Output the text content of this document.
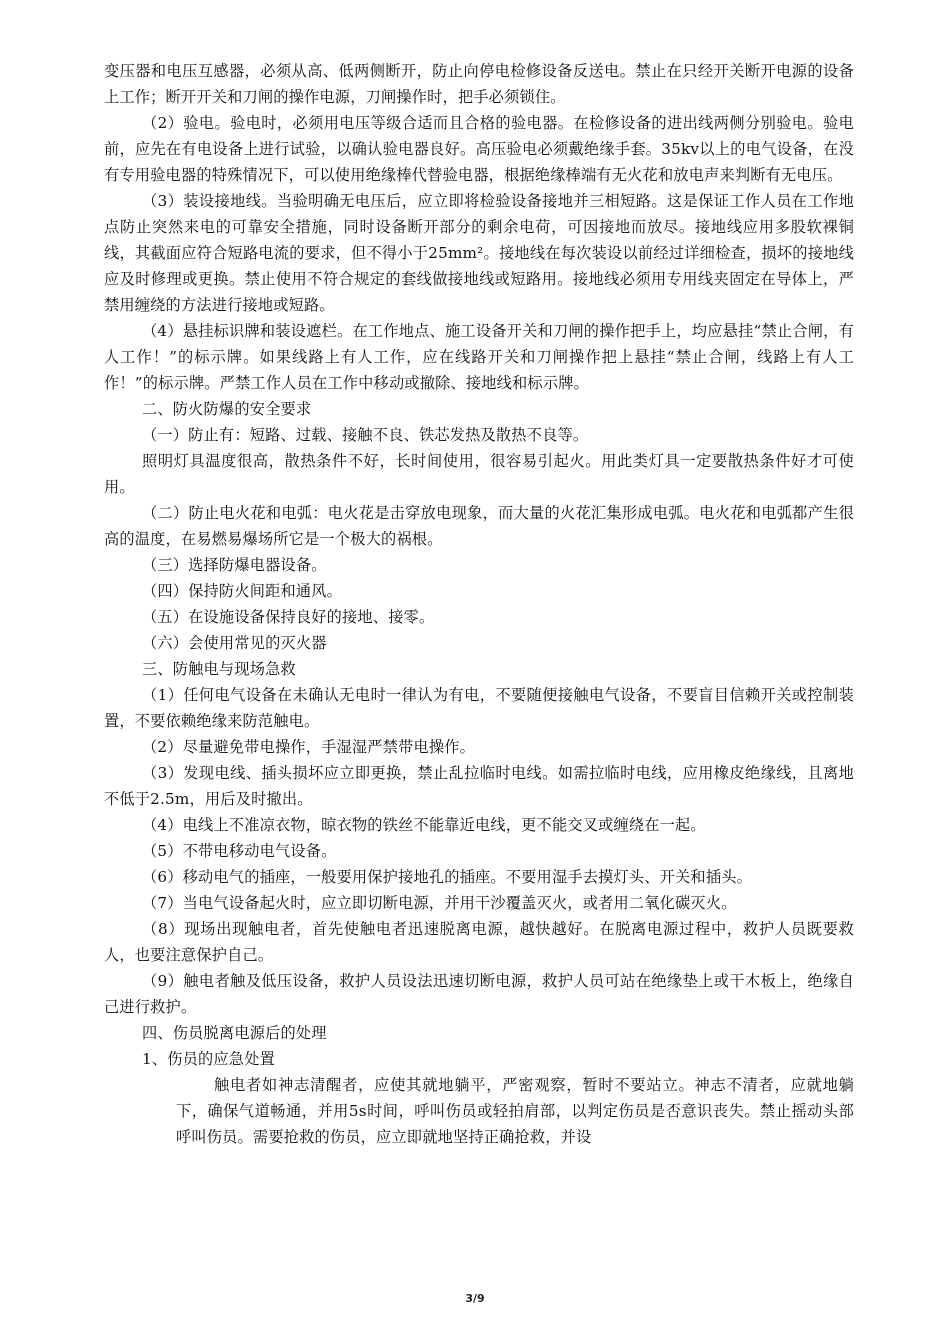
变压器和电压互感器，必须从高、低两侧断开，防止向停电检修设备反送电。禁止在只经开关断开电源的设备上工作；断开开关和刀闸的操作电源，刀闸操作时，把手必须锁住。

（2）验电。验电时，必须用电压等级合适而且合格的验电器。在检修设备的进出线两侧分别验电。验电前，应先在有电设备上进行试验，以确认验电器良好。高压验电必须戴绝缘手套。35kv以上的电气设备，在没有专用验电器的特殊情况下，可以使用绝缘棒代替验电器，根据绝缘棒端有无火花和放电声来判断有无电压。

（3）装设接地线。当验明确无电压后，应立即将检验设备接地并三相短路。这是保证工作人员在工作地点防止突然来电的可靠安全措施，同时设备断开部分的剩余电荷，可因接地而放尽。接地线应用多股软裸铜线，其截面应符合短路电流的要求，但不得小于25mm²。接地线在每次装设以前经过详细检查，损坏的接地线应及时修理或更换。禁止使用不符合规定的套线做接地线或短路用。接地线必须用专用线夹固定在导体上，严禁用缠绕的方法进行接地或短路。

（4）悬挂标识牌和装设遮栏。在工作地点、施工设备开关和刀闸的操作把手上，均应悬挂“禁止合闸，有人工作！”的标示牌。如果线路上有人工作，应在线路开关和刀闸操作把上悬挂“禁止合闸，线路上有人工作！”的标示牌。严禁工作人员在工作中移动或撤除、接地线和标示牌。

二、防火防爆的安全要求

（一）防止有：短路、过载、接触不良、铁芯发热及散热不良等。

照明灯具温度很高，散热条件不好，长时间使用，很容易引起火。用此类灯具一定要散热条件好才可使用。

（二）防止电火花和电弧：电火花是击穿放电现象，而大量的火花汇集形成电弧。电火花和电弧都产生很高的温度，在易燃易爆场所它是一个极大的祸根。

（三）选择防爆电器设备。

（四）保持防火间距和通风。

（五）在设施设备保持良好的接地、接零。

（六）会使用常见的灭火器

三、防触电与现场急救

（1）任何电气设备在未确认无电时一律认为有电，不要随便接触电气设备，不要盲目信赖开关或控制装置，不要依赖绝缘来防范触电。

（2）尽量避免带电操作，手湿湿严禁带电操作。

（3）发现电线、插头损坏应立即更换，禁止乱拉临时电线。如需拉临时电线，应用橡皮绝缘线，且离地不低于2.5m，用后及时撤出。

（4）电线上不准凉衣物，晾衣物的铁丝不能靠近电线，更不能交叉或缠绕在一起。

（5）不带电移动电气设备。

（6）移动电气的插座，一般要用保护接地孔的插座。不要用湿手去摸灯头、开关和插头。

（7）当电气设备起火时，应立即切断电源，并用干沙覆盖灭火，或者用二氧化碳灭火。

（8）现场出现触电者，首先使触电者迅速脱离电源，越快越好。在脱离电源过程中，救护人员既要救人，也要注意保护自己。

（9）触电者触及低压设备，救护人员设法迅速切断电源，救护人员可站在绝缘垫上或干木板上，绝缘自己进行救护。

四、伤员脱离电源后的处理

1、伤员的应急处置

触电者如神志清醒者，应使其就地躺平，严密观察，暂时不要站立。神志不清者，应就地躺下，确保气道畅通，并用5s时间，呼叫伤员或轻拍肩部，以判定伤员是否意识丧失。禁止摇动头部呼叫伤员。需要抢救的伤员，应立即就地坚持正确抢救，并设

3/9
